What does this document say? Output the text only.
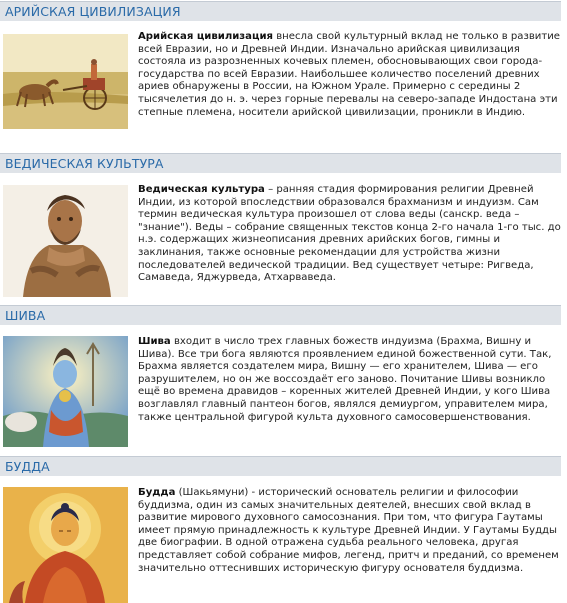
АРИЙСКАЯ ЦИВИЛИЗАЦИЯ
Арийская цивилизация внесла свой культурный вклад не только в развитие всей Евразии, но и Древней Индии. Изначально арийская цивилизация состояла из разрозненных кочевых племен, обосновывающих свои города-государства по всей Евразии. Наибольшее количество поселений древних ариев обнаружены в России, на Южном Урале. Примерно с середины 2 тысячелетия до н. э. через горные перевалы на северо-западе Индостана эти степные племена, носители арийской цивилизации, проникли в Индию.
ВЕДИЧЕСКАЯ КУЛЬТУРА
Ведическая культура – ранняя стадия формирования религии Древней Индии, из которой впоследствии образовался брахманизм и индуизм. Сам термин ведическая культура произошел от слова веды (санскр. веда – "знание"). Веды – собрание священных текстов конца 2-го начала 1-го тыс. до н.э. содержащих жизнеописания древних арийских богов, гимны и заклинания, также основные рекомендации для устройства жизни последователей ведической традиции. Вед существует четыре: Ригведа, Самаведа, Яджурведа, Атхарваведа.
ШИВА
Шива входит в число трех главных божеств индуизма (Брахма, Вишну и Шива). Все три бога являются проявлением единой божественной сути. Так, Брахма является создателем мира, Вишну — его хранителем, Шива — его разрушителем, но он же воссоздаёт его заново. Почитание Шивы возникло ещё во времена дравидов – коренных жителей Древней Индии, у кого Шива возглавлял главный пантеон богов, являлся демиургом, управителем мира, также центральной фигурой культа духовного самосовершенствования.
БУДДА
Будда (Шакьямуни) - исторический основатель религии и философии буддизма, один из самых значительных деятелей, внесших свой вклад в развитие мирового духовного самосознания. При том, что фигура Гаутамы имеет прямую принадлежность к культуре Древней Индии. У Гаутамы Будды две биографии. В одной отражена судьба реального человека, другая представляет собой собрание мифов, легенд, притч и преданий, со временем значительно оттеснивших историческую фигуру основателя буддизма.
